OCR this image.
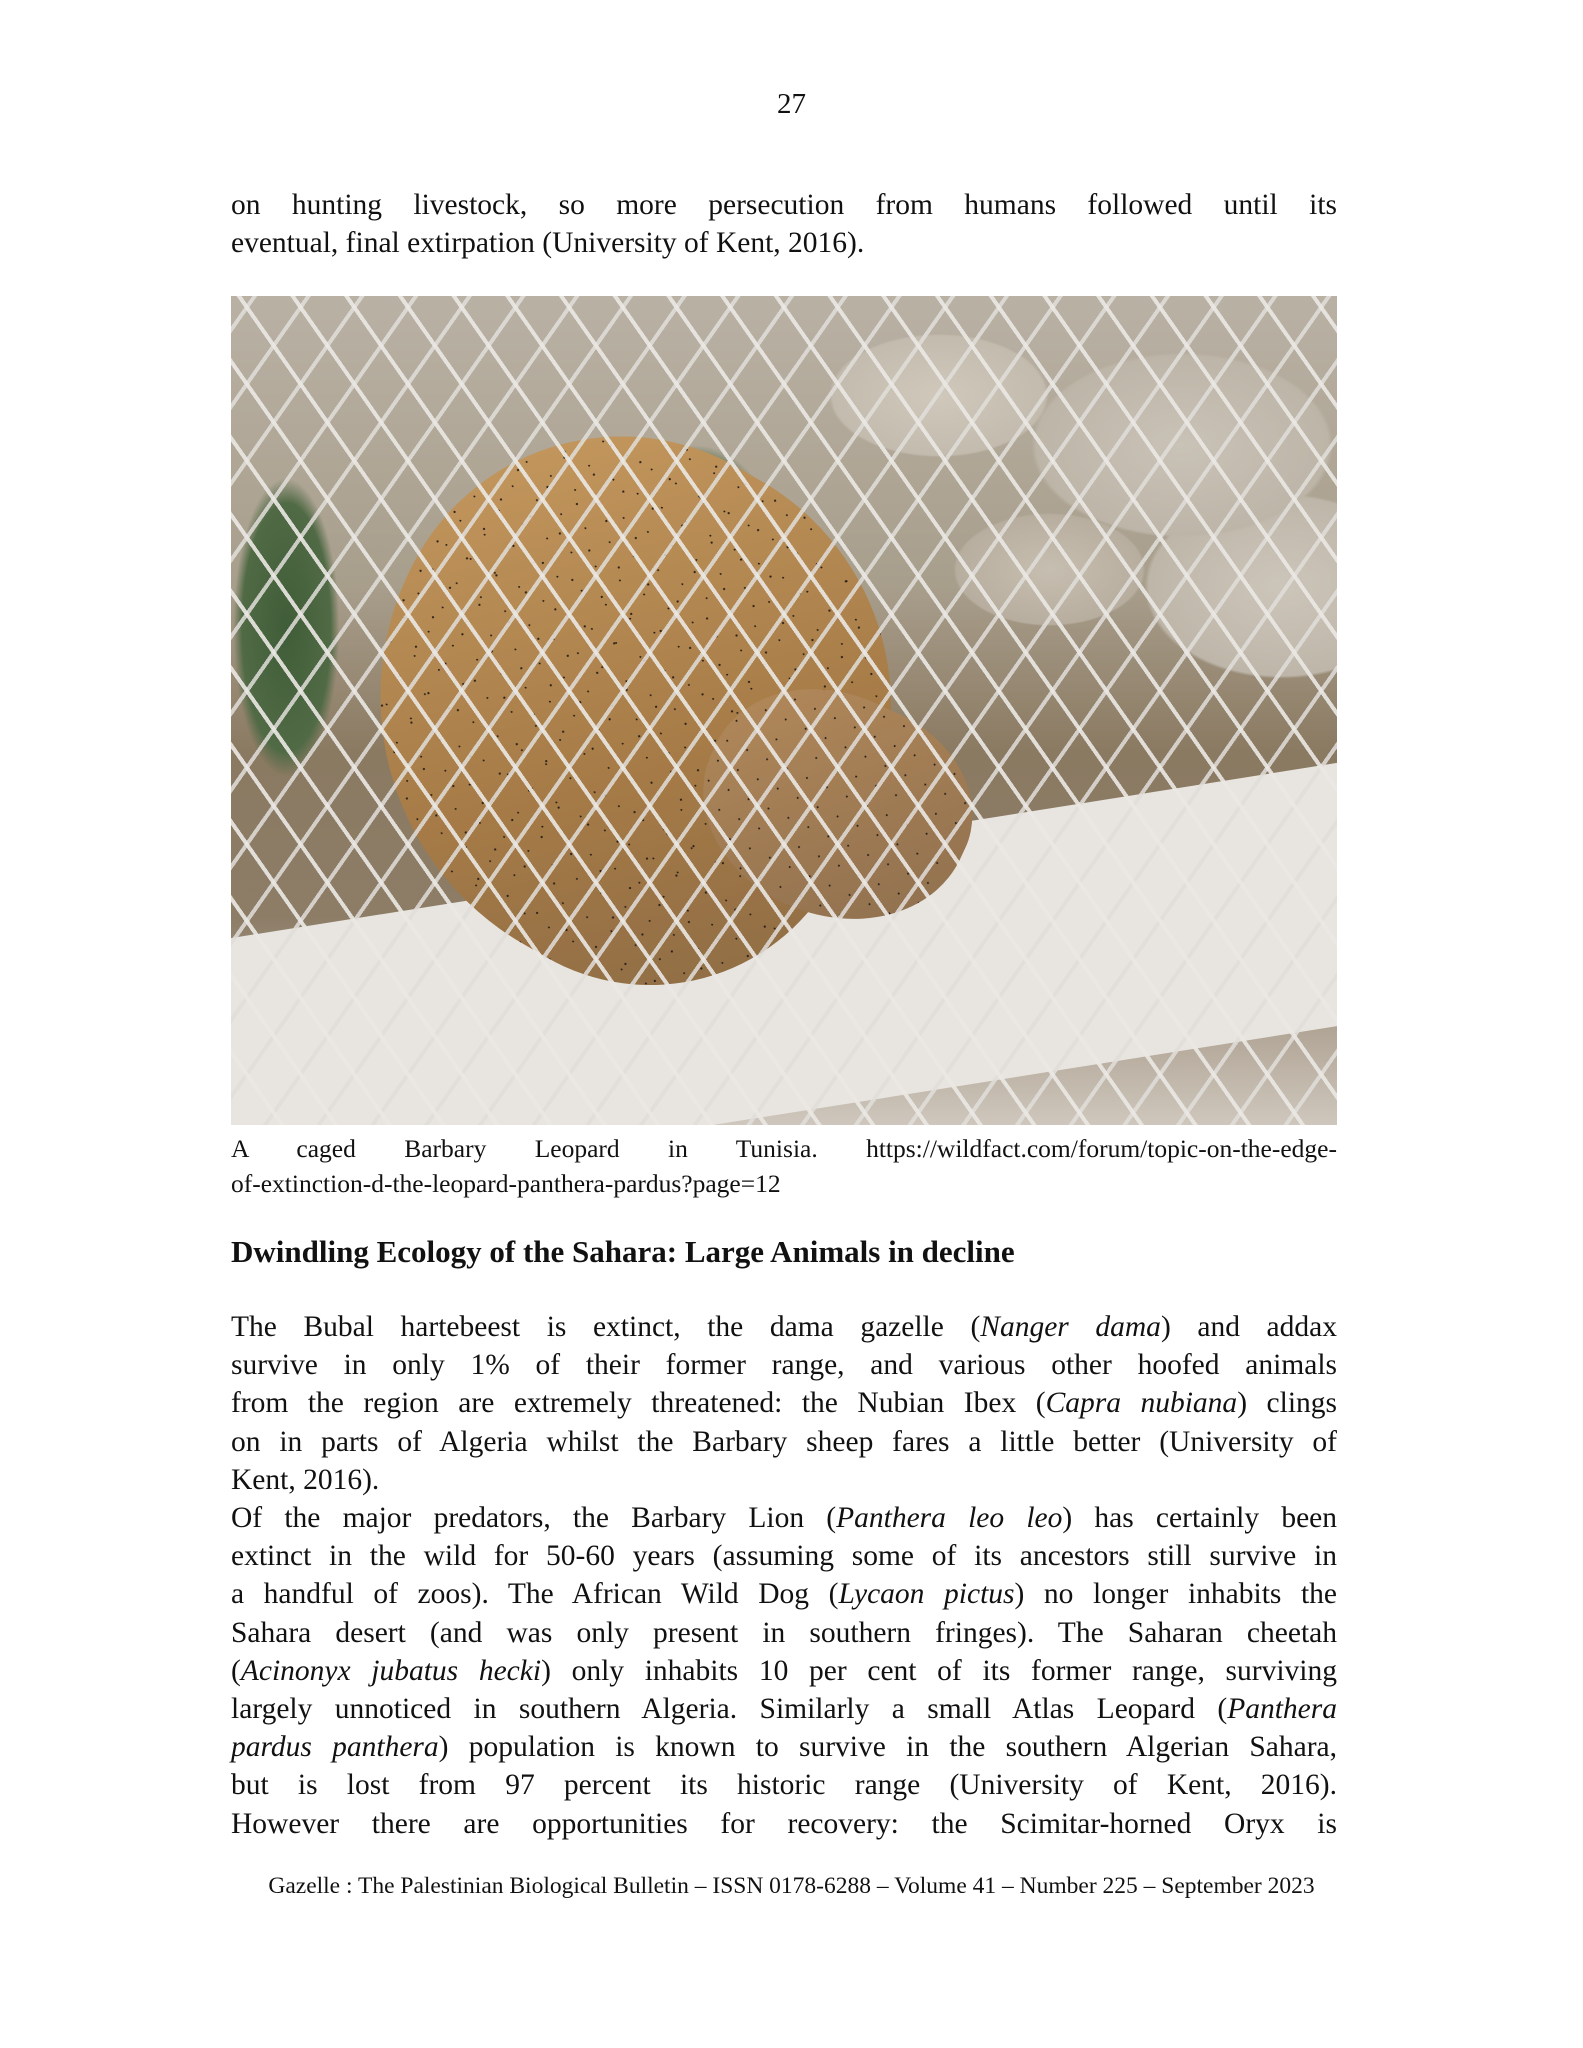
27
on hunting livestock, so more persecution from humans followed until its
eventual, final extirpation (University of Kent, 2016).
A caged Barbary Leopard in Tunisia. https://wildfact.com/forum/topic-on-the-edge-
of-extinction-d-the-leopard-panthera-pardus?page=12
Dwindling Ecology of the Sahara: Large Animals in decline
The Bubal hartebeest is extinct, the dama gazelle (Nanger dama) and addax
survive in only 1% of their former range, and various other hoofed animals
from the region are extremely threatened: the Nubian Ibex (Capra nubiana) clings
on in parts of Algeria whilst the Barbary sheep fares a little better (University of
Kent, 2016).
Of the major predators, the Barbary Lion (Panthera leo leo) has certainly been
extinct in the wild for 50-60 years (assuming some of its ancestors still survive in
a handful of zoos). The African Wild Dog (Lycaon pictus) no longer inhabits the
Sahara desert (and was only present in southern fringes). The Saharan cheetah
(Acinonyx jubatus hecki) only inhabits 10 per cent of its former range, surviving
largely unnoticed in southern Algeria. Similarly a small Atlas Leopard (Panthera
pardus panthera) population is known to survive in the southern Algerian Sahara,
but is lost from 97 percent its historic range (University of Kent, 2016).
However there are opportunities for recovery: the Scimitar-horned Oryx is
Gazelle : The Palestinian Biological Bulletin – ISSN 0178-6288 – Volume 41 – Number 225 – September 2023
